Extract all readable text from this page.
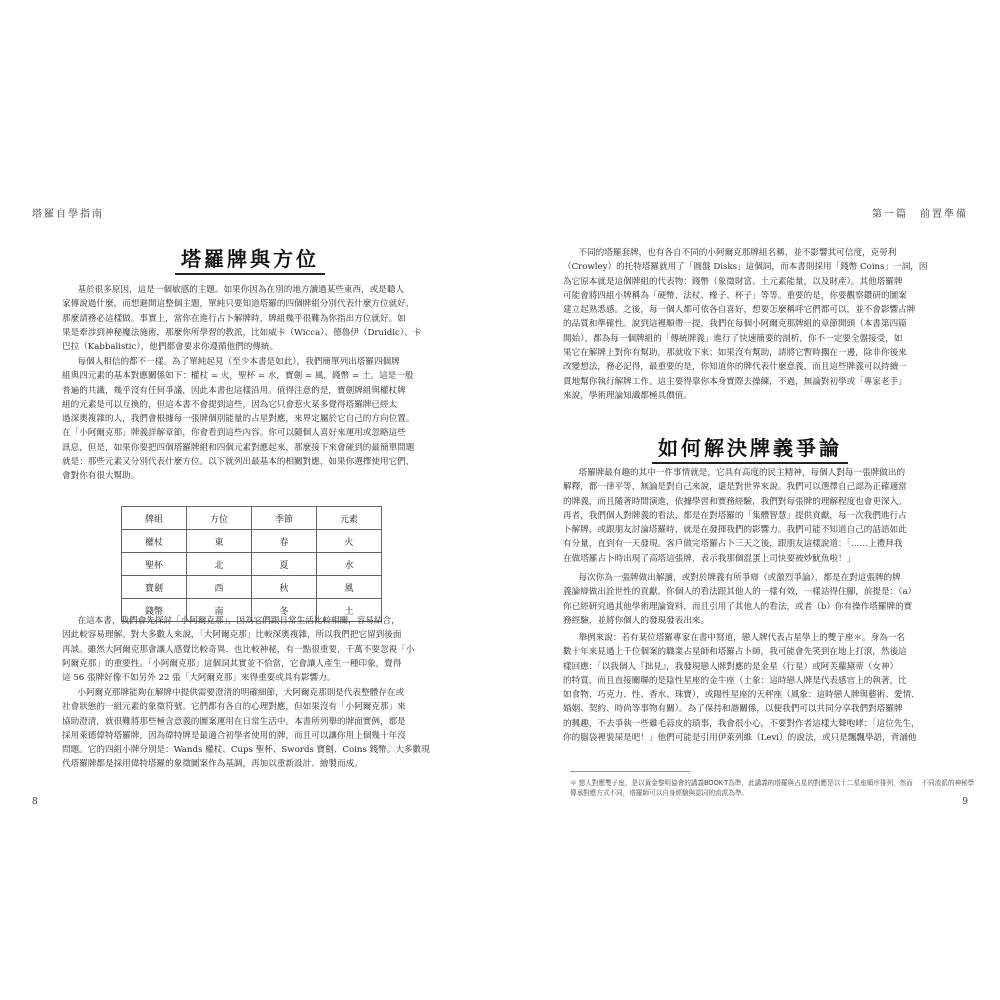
塔羅自學指南
塔羅牌與方位
基於很多原因，這是一個敏感的主題。如果你因為在別的地方讀過某些東西，或是聽人
家傳說過什麼，而想避開這整個主題，單純只要知道塔羅的四個牌組分別代表什麼方位就好，
那麼請務必這樣做。事實上，當你在進行占卜解牌時，牌組幾乎很難為你指出方位就好。如
果是牽涉到神秘魔法施術，那麼你所學習的教派，比如威卡（Wicca）、德魯伊（Druidic）、卡
巴拉（Kabbalistic），他們都會要求你遵循他們的傳統。
每個人相信的都不一樣。為了單純起見（至少本書是如此），我們簡單列出塔羅四個牌
組與四元素的基本對應關係如下：權杖 = 火，聖杯 = 水，寶劍 = 風，錢幣 = 土。這是一般
普遍的共識，幾乎沒有任何爭議，因此本書也這樣沿用。值得注意的是，寶劍牌組與權杖牌
組的元素是可以互換的，但這本書不會提到這些，因為它只會惹火某多覺得塔羅牌已經太
過深奧複雜的人，我們會根據每一張牌個別能量的占星對應，來界定屬於它自己的方向位置。
在「小阿爾克那」牌義詳解章節，你會看到這些內容。你可以隨個人喜好來運用或忽略這些
訊息，但是，如果你要把四個塔羅牌組和四個元素對應起來，那麼接下來會碰到的最簡單問題
就是：那些元素又分別代表什麼方位。以下就列出最基本的相關對應，如果你選擇使用它們，
會對你有很大幫助。
牌組	方位	季節	元素
權杖	東	春	火
聖杯	北	夏	水
寶劍	西	秋	風
錢幣	南	冬	土
在這本書，我們會先探討「小阿爾克那」，因為它們跟日常生活比較相關，容易結合，
因此較容易理解。對大多數人來說，「大阿爾克那」比較深奧複雜，所以我們把它留到後面
再談。雖然大阿爾克那會讓人感覺比較奇異、也比較神秘，有一點很重要，千萬不要忽視「小
阿爾克那」的重要性。「小阿爾克那」這個詞其實並不恰當，它會讓人產生一種印象，覺得
這 56 張牌好像不如另外 22 張「大阿爾克那」來得重要或具有影響力。
小阿爾克那牌能夠在解牌中提供需要澄清的明確細節，大阿爾克那則是代表整體存在或
社會狀態的一組元素的象徵符號。它們都有各自的心理對應，但如果沒有「小阿爾克那」來
協助澄清，就很難將那些極含意義的圖案運用在日常生活中。本書所列舉的牌面實例，都是
採用萊德偉特塔羅牌，因為偉特牌是最適合初學者使用的牌，而且可以讓你用上個幾十年沒
問題。它的四組小牌分別是：Wands 權杖、Cups 聖杯、Swords 寶劍、Coins 錢幣。大多數現
代塔羅牌都是採用偉特塔羅的象徵圖案作為基調，再加以重新設計、繪製而成。
8
第一篇　前置準備
9
不同的塔羅套牌，也有各自不同的小阿爾克那牌組名稱，並不影響其可信度，克勞利
（Crowley）的托特塔羅就用了「圓盤 Disks」這個詞，而本書則採用「錢幣 Coins」一詞，因
為它原本就是這個牌組的代表物：錢幣（象徵財富、土元素能量，以及財產）。其他塔羅牌
可能會將四組小牌稱為「硬幣、法杖、橡子、杯子」等等。重要的是，你要觀察鑽研的圖案
建立起熟悉感。之後，每一個人都可依各自喜好，想要怎麼稱呼它們都可以，並不會影響占牌
的品質和準確性。說到這裡順帶一提，我們在每個小阿爾克那牌組的章節開頭（本書第四篇
開始），都為每一個牌組的「傳統牌義」進行了快速簡要的剖析，你不一定要全盤接受，如
果它在解牌上對你有幫助，那就收下來；如果沒有幫助，請將它暫時擱在一邊，除非你後來
改變想法，務必記得，最重要的是，你知道你的牌代表什麼意義，而且這些牌義可以持續一
貫地幫你執行解牌工作。這主要得靠你本身實際去操練，不過，無論對初學或「專家老手」
來說，學術理論知識都極具價值。
如何解決牌義爭論
塔羅牌最有趣的其中一件事情就是，它具有高度的民主精神，每個人對每一張牌做出的
解釋，都一律平等，無論是對自己來說，還是對世界來說。我們可以選擇自己認為正確適當
的牌義，而且隨著時間演進，依據學習和實務經驗，我們對每張牌的理解程度也會更深入。
再者，我們個人對牌義的看法，都是在對塔羅的「集體智慧」提供貢獻，每一次我們進行占
卜解牌，或跟朋友討論塔羅時，就是在發揮我們的影響力。我們可能不知道自己的話語如此
有分量，直到有一天發現。客戶做完塔羅占卜三天之後，跟朋友這樣說道：「……上禮拜我
在做塔羅占卜時出現了高塔這張牌，表示我那個混蛋上司快要被炒魷魚啦！」
每次你為一張牌做出解讀，或對於牌義有所爭辯（或激烈爭論），都是在對這張牌的牌
義論辯做出詮世性的貢獻。你個人的看法跟其他人的一樣有效，一樣站得住腳，前提是：（a）
你已經研究過其他學術理論資料，而且引用了其他人的看法，或者（b）你有操作塔羅牌的實
務經驗，並將你個人的發現發表出來。
舉例來說：若有某位塔羅專家在書中寫道，戀人牌代表占星學上的雙子座＊。身為一名
數十年來見過上千位個案的職業占星師和塔羅占卜師，我可能會先笑到在地上打滾，然後這
樣回應：「以我個人『拙見』，我發現戀人牌對應的是金星（行星）或阿芙蘿黛蒂（女神）
的特質，而且直接關聯的是陰性星座的金牛座（土象：這時戀人牌是代表感官上的執著，比
如食物、巧克力、性、香水、珠寶），或陽性星座的天秤座（風象：這時戀人牌與藝術、愛情、
婚姻、契約、時尚等事物有關）。為了保持和諧關係，以便我們可以共同分享我們對塔羅牌
的興趣，不去爭執一些雞毛蒜皮的瑣事，我會很小心，不要對作者這樣大聲咆哮：「這位先生，
你的腦袋裡裝屎是吧！」他們可能是引用伊萊列維（Levi）的說法，或只是飄飄學語，背誦他
＊ 戀人對應雙子座，是以黃金黎明協會的講義BOOK-T為準，此講義的塔羅與占星的對應是以十二星座順序排列，然而　 不同流派的神秘學傳承對應方式不同，塔羅師可以自身經驗與認同的流派為準。
